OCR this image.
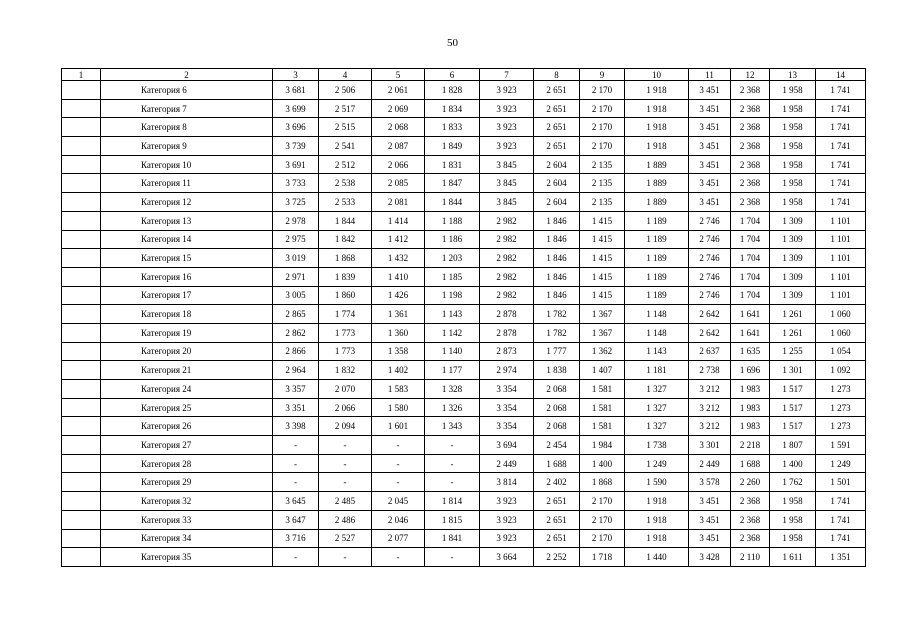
50
1	2	3	4	5	6	7	8	9	10	11	12	13	14
	Категория 6	3 681	2 506	2 061	1 828	3 923	2 651	2 170	1 918	3 451	2 368	1 958	1 741
	Категория 7	3 699	2 517	2 069	1 834	3 923	2 651	2 170	1 918	3 451	2 368	1 958	1 741
	Категория 8	3 696	2 515	2 068	1 833	3 923	2 651	2 170	1 918	3 451	2 368	1 958	1 741
	Категория 9	3 739	2 541	2 087	1 849	3 923	2 651	2 170	1 918	3 451	2 368	1 958	1 741
	Категория 10	3 691	2 512	2 066	1 831	3 845	2 604	2 135	1 889	3 451	2 368	1 958	1 741
	Категория 11	3 733	2 538	2 085	1 847	3 845	2 604	2 135	1 889	3 451	2 368	1 958	1 741
	Категория 12	3 725	2 533	2 081	1 844	3 845	2 604	2 135	1 889	3 451	2 368	1 958	1 741
	Категория 13	2 978	1 844	1 414	1 188	2 982	1 846	1 415	1 189	2 746	1 704	1 309	1 101
	Категория 14	2 975	1 842	1 412	1 186	2 982	1 846	1 415	1 189	2 746	1 704	1 309	1 101
	Категория 15	3 019	1 868	1 432	1 203	2 982	1 846	1 415	1 189	2 746	1 704	1 309	1 101
	Категория 16	2 971	1 839	1 410	1 185	2 982	1 846	1 415	1 189	2 746	1 704	1 309	1 101
	Категория 17	3 005	1 860	1 426	1 198	2 982	1 846	1 415	1 189	2 746	1 704	1 309	1 101
	Категория 18	2 865	1 774	1 361	1 143	2 878	1 782	1 367	1 148	2 642	1 641	1 261	1 060
	Категория 19	2 862	1 773	1 360	1 142	2 878	1 782	1 367	1 148	2 642	1 641	1 261	1 060
	Категория 20	2 866	1 773	1 358	1 140	2 873	1 777	1 362	1 143	2 637	1 635	1 255	1 054
	Категория 21	2 964	1 832	1 402	1 177	2 974	1 838	1 407	1 181	2 738	1 696	1 301	1 092
	Категория 24	3 357	2 070	1 583	1 328	3 354	2 068	1 581	1 327	3 212	1 983	1 517	1 273
	Категория 25	3 351	2 066	1 580	1 326	3 354	2 068	1 581	1 327	3 212	1 983	1 517	1 273
	Категория 26	3 398	2 094	1 601	1 343	3 354	2 068	1 581	1 327	3 212	1 983	1 517	1 273
	Категория 27	-	-	-	-	3 694	2 454	1 984	1 738	3 301	2 218	1 807	1 591
	Категория 28	-	-	-	-	2 449	1 688	1 400	1 249	2 449	1 688	1 400	1 249
	Категория 29	-	-	-	-	3 814	2 402	1 868	1 590	3 578	2 260	1 762	1 501
	Категория 32	3 645	2 485	2 045	1 814	3 923	2 651	2 170	1 918	3 451	2 368	1 958	1 741
	Категория 33	3 647	2 486	2 046	1 815	3 923	2 651	2 170	1 918	3 451	2 368	1 958	1 741
	Категория 34	3 716	2 527	2 077	1 841	3 923	2 651	2 170	1 918	3 451	2 368	1 958	1 741
	Категория 35	-	-	-	-	3 664	2 252	1 718	1 440	3 428	2 110	1 611	1 351
